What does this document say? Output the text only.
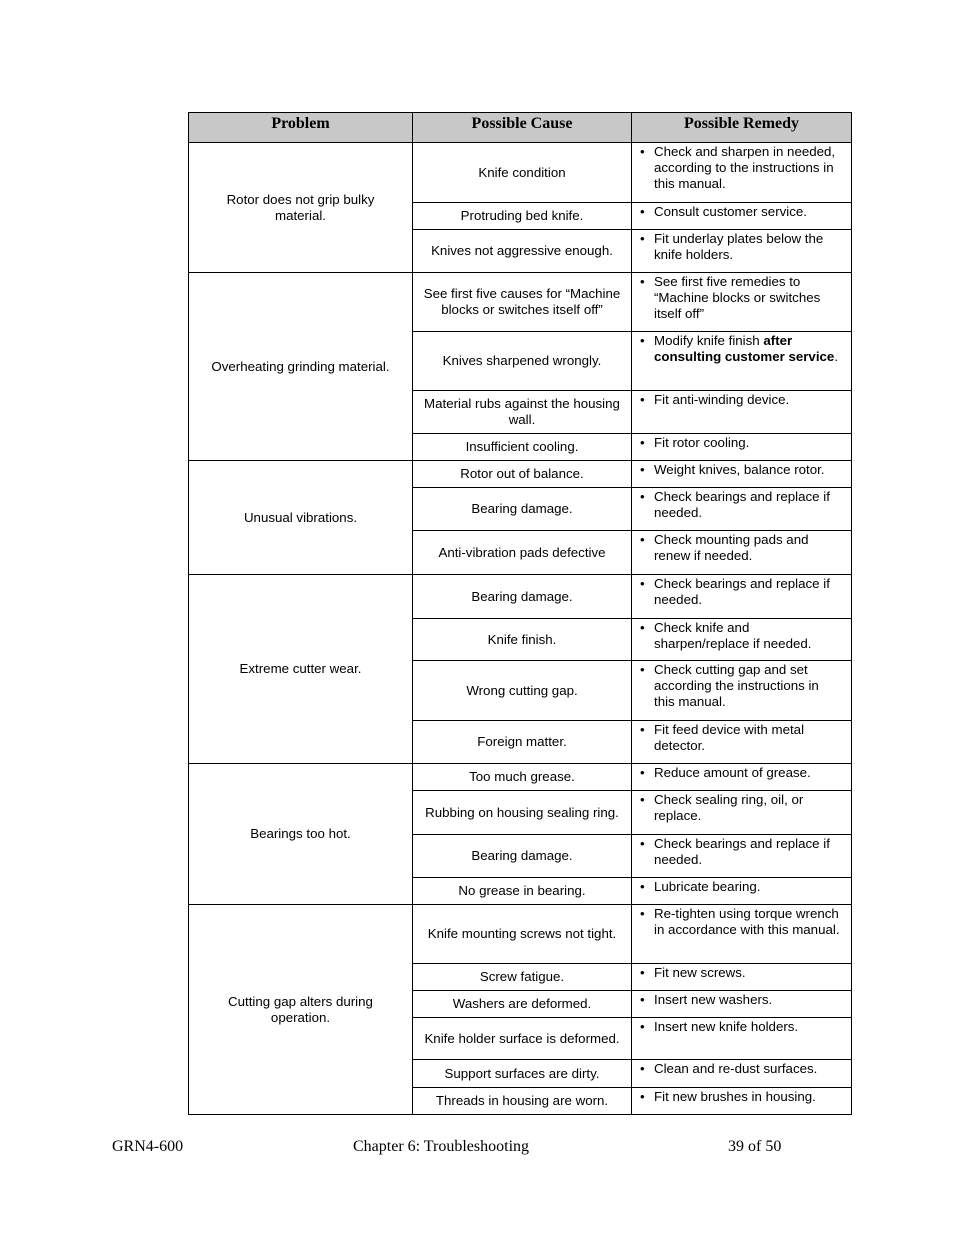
Problem	Possible Cause	Possible Remedy
Rotor does not grip bulky material.	Knife condition	• Check and sharpen in needed, according to the instructions in this manual.
	Protruding bed knife.	• Consult customer service.
	Knives not aggressive enough.	• Fit underlay plates below the knife holders.
Overheating grinding material.	See first five causes for “Machine blocks or switches itself off”	• See first five remedies to “Machine blocks or switches itself off”
	Knives sharpened wrongly.	• Modify knife finish after consulting customer service.
	Material rubs against the housing wall.	• Fit anti-winding device.
	Insufficient cooling.	• Fit rotor cooling.
Unusual vibrations.	Rotor out of balance.	• Weight knives, balance rotor.
	Bearing damage.	• Check bearings and replace if needed.
	Anti-vibration pads defective	• Check mounting pads and renew if needed.
Extreme cutter wear.	Bearing damage.	• Check bearings and replace if needed.
	Knife finish.	• Check knife and sharpen/replace if needed.
	Wrong cutting gap.	• Check cutting gap and set according the instructions in this manual.
	Foreign matter.	• Fit feed device with metal detector.
Bearings too hot.	Too much grease.	• Reduce amount of grease.
	Rubbing on housing sealing ring.	• Check sealing ring, oil, or replace.
	Bearing damage.	• Check bearings and replace if needed.
	No grease in bearing.	• Lubricate bearing.
Cutting gap alters during operation.	Knife mounting screws not tight.	• Re-tighten using torque wrench in accordance with this manual.
	Screw fatigue.	• Fit new screws.
	Washers are deformed.	• Insert new washers.
	Knife holder surface is deformed.	• Insert new knife holders.
	Support surfaces are dirty.	• Clean and re-dust surfaces.
	Threads in housing are worn.	• Fit new brushes in housing.
GRN4-600	Chapter 6: Troubleshooting	39 of 50
